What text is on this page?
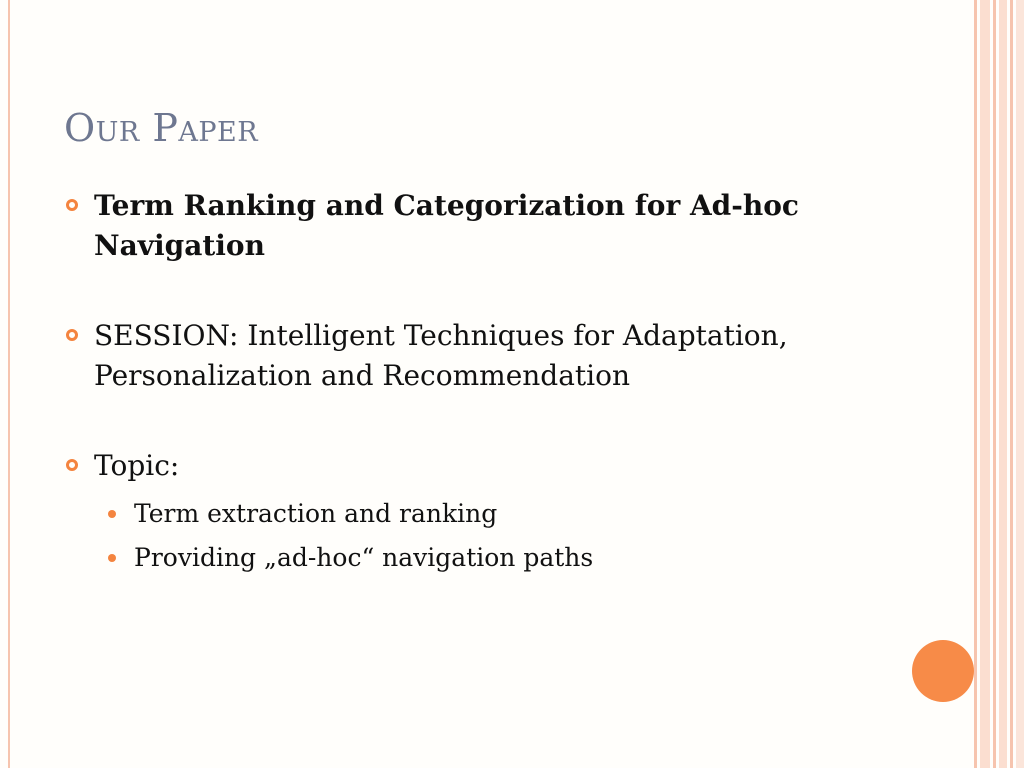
Our Paper
Term Ranking and Categorization for Ad-hoc Navigation
SESSION: Intelligent Techniques for Adaptation, Personalization and Recommendation
Topic:
Term extraction and ranking
Providing „ad-hoc“ navigation paths
